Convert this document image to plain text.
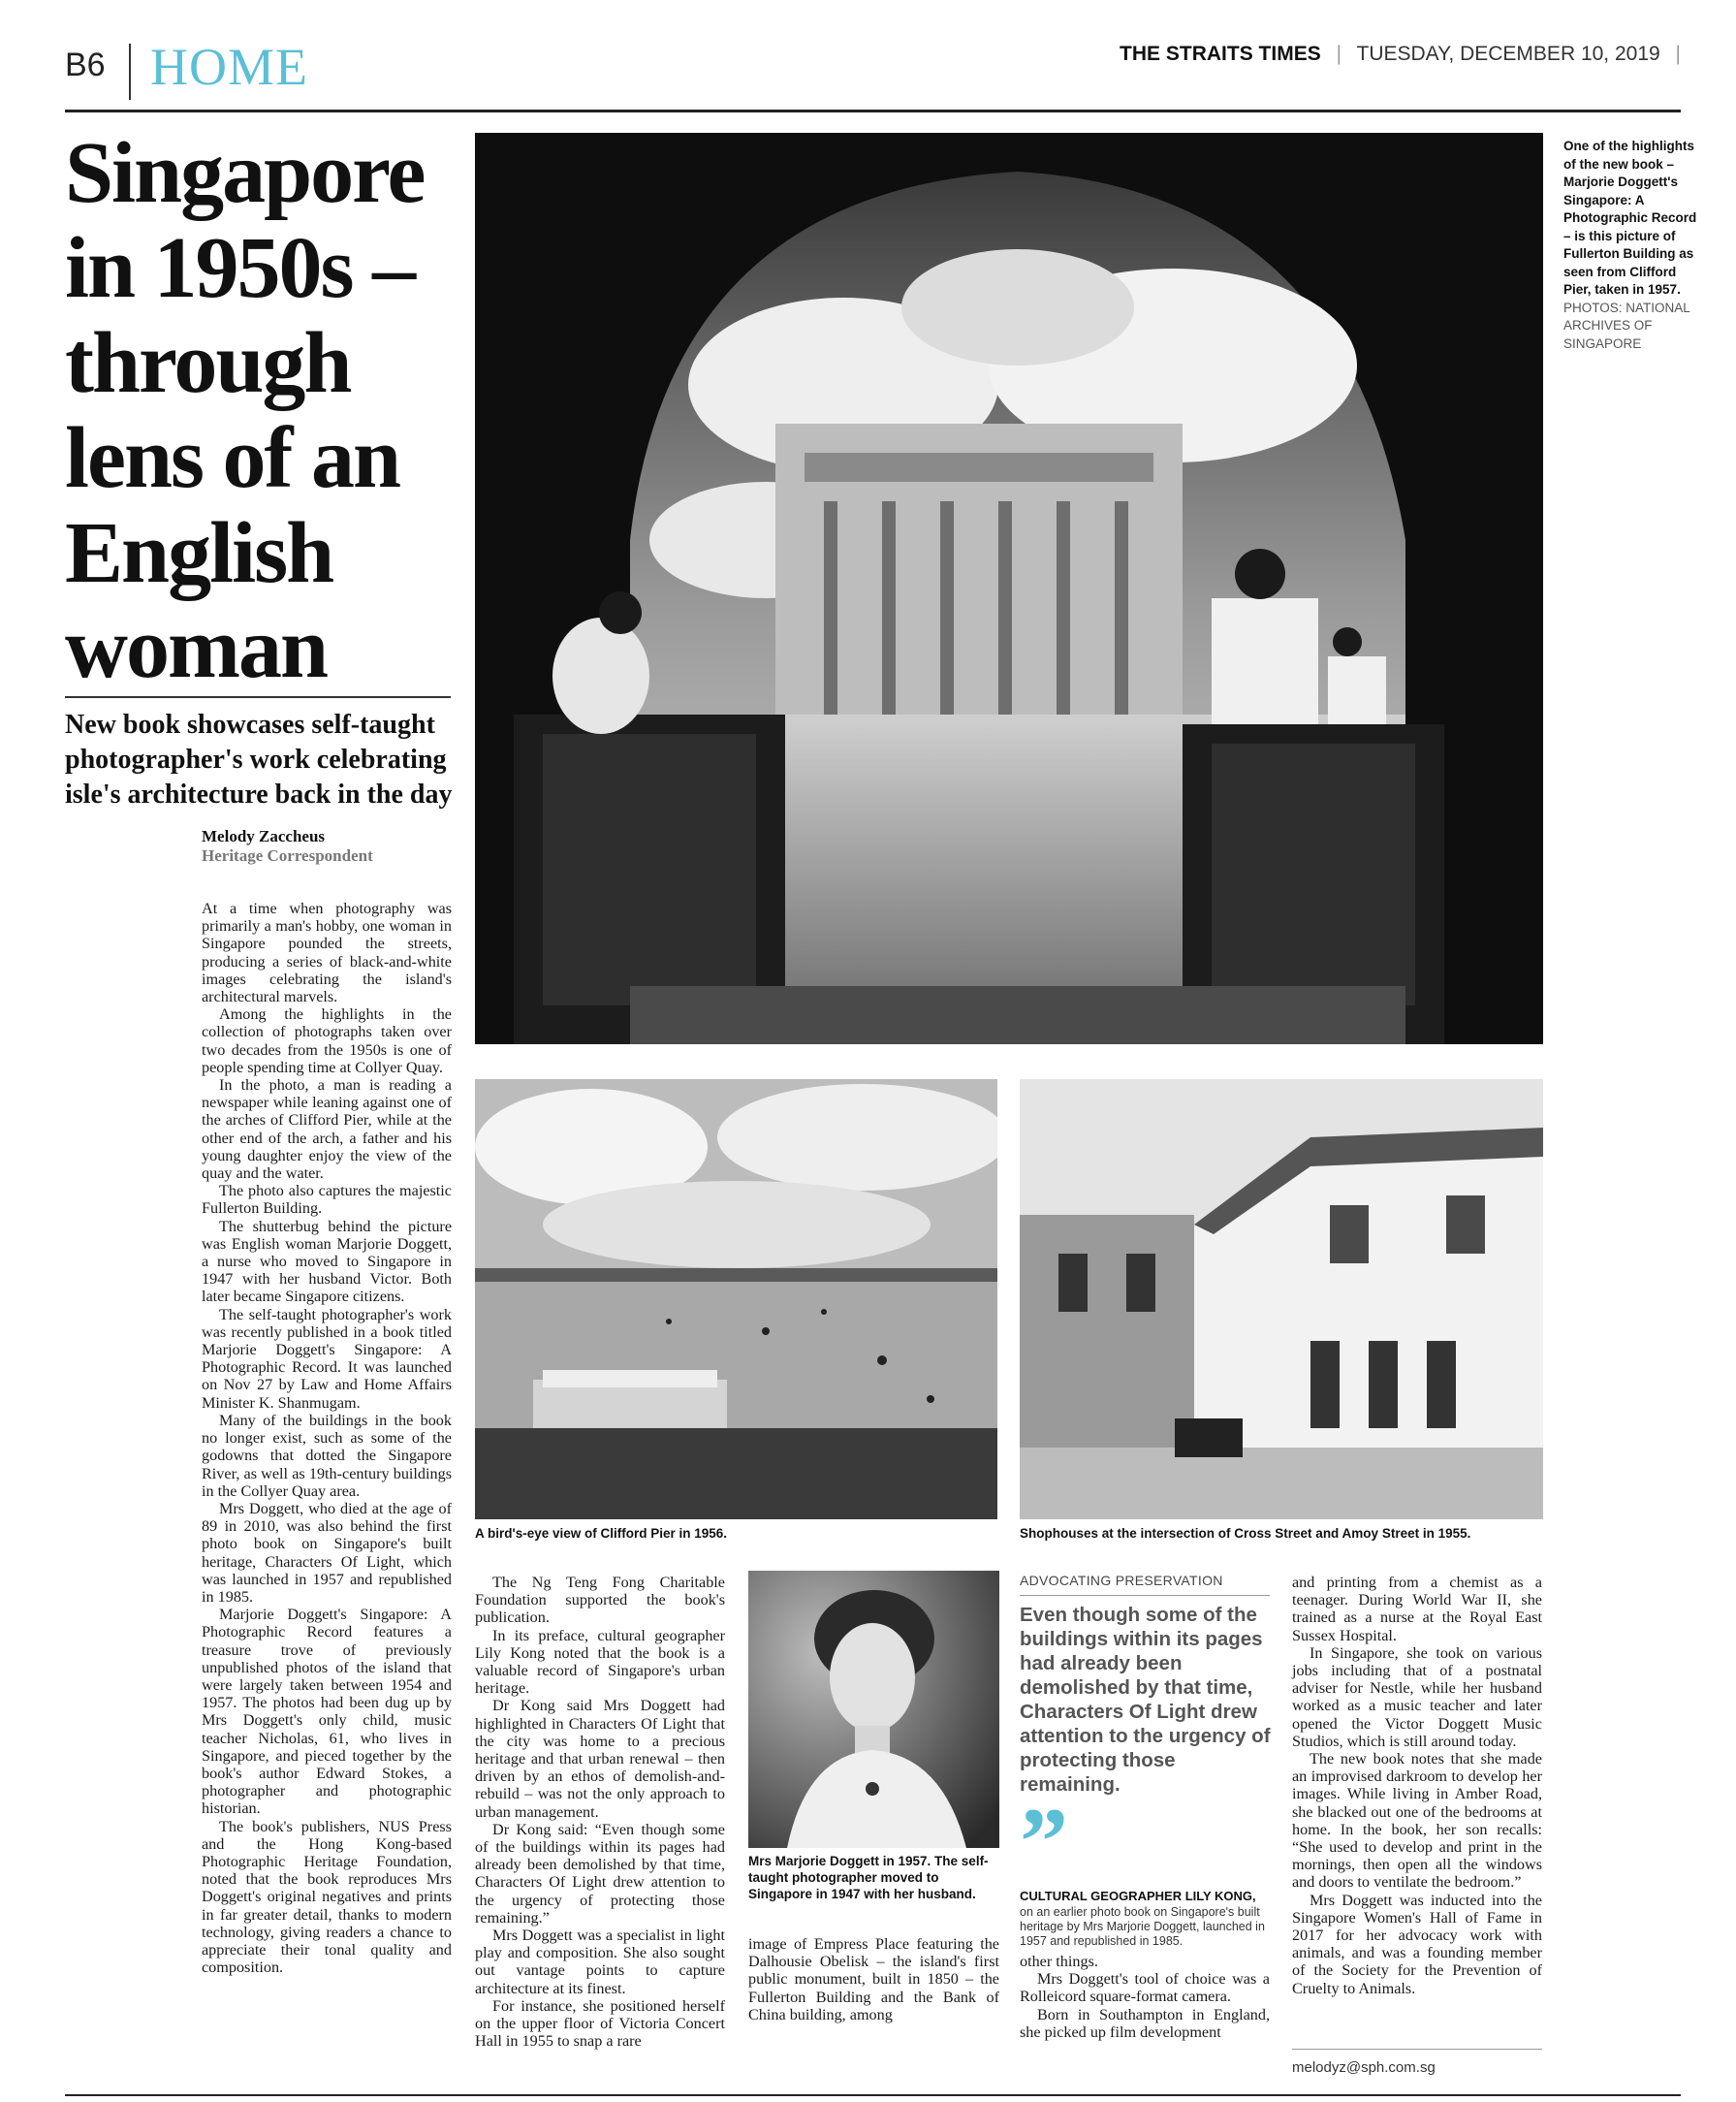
B6 HOME	THE STRAITS TIMES | TUESDAY, DECEMBER 10, 2019 |
Singapore in 1950s – through lens of an English woman
New book showcases self-taught photographer's work celebrating isle's architecture back in the day
Melody Zaccheus
Heritage Correspondent

At a time when photography was primarily a man's hobby, one woman in Singapore pounded the streets, producing a series of black-and-white images celebrating the island's architectural marvels.

Among the highlights in the collection of photographs taken over two decades from the 1950s is one of people spending time at Collyer Quay.

In the photo, a man is reading a newspaper while leaning against one of the arches of Clifford Pier, while at the other end of the arch, a father and his young daughter enjoy the view of the quay and the water.

The photo also captures the majestic Fullerton Building.

The shutterbug behind the picture was English woman Marjorie Doggett, a nurse who moved to Singapore in 1947 with her husband Victor. Both later became Singapore citizens.

The self-taught photographer's work was recently published in a book titled Marjorie Doggett's Singapore: A Photographic Record. It was launched on Nov 27 by Law and Home Affairs Minister K. Shanmugam.

Many of the buildings in the book no longer exist, such as some of the godowns that dotted the Singapore River, as well as 19th-century buildings in the Collyer Quay area.

Mrs Doggett, who died at the age of 89 in 2010, was also behind the first photo book on Singapore's built heritage, Characters Of Light, which was launched in 1957 and republished in 1985.

Marjorie Doggett's Singapore: A Photographic Record features a treasure trove of previously unpublished photos of the island that were largely taken between 1954 and 1957. The photos had been dug up by Mrs Doggett's only child, music teacher Nicholas, 61, who lives in Singapore, and pieced together by the book's author Edward Stokes, a photographer and photographic historian.

The book's publishers, NUS Press and the Hong Kong-based Photographic Heritage Foundation, noted that the book reproduces Mrs Doggett's original negatives and prints in far greater detail, thanks to modern technology, giving readers a chance to appreciate their tonal quality and composition.

One of the highlights of the new book – Marjorie Doggett's Singapore: A Photographic Record – is this picture of Fullerton Building as seen from Clifford Pier, taken in 1957.
PHOTOS: NATIONAL ARCHIVES OF SINGAPORE
A bird's-eye view of Clifford Pier in 1956.	Shophouses at the intersection of Cross Street and Amoy Street in 1955.

The Ng Teng Fong Charitable Foundation supported the book's publication.

In its preface, cultural geographer Lily Kong noted that the book is a valuable record of Singapore's urban heritage.

Dr Kong said Mrs Doggett had highlighted in Characters Of Light that the city was home to a precious heritage and that urban renewal – then driven by an ethos of demolish-and-rebuild – was not the only approach to urban management.

Dr Kong said: “Even though some of the buildings within its pages had already been demolished by that time, Characters Of Light drew attention to the urgency of protecting those remaining.”

Mrs Doggett was a specialist in light play and composition. She also sought out vantage points to capture architecture at its finest.

For instance, she positioned herself on the upper floor of Victoria Concert Hall in 1955 to snap a rare

Mrs Marjorie Doggett in 1957. The self-taught photographer moved to Singapore in 1947 with her husband.

image of Empress Place featuring the Dalhousie Obelisk – the island's first public monument, built in 1850 – the Fullerton Building and the Bank of China building, among

ADVOCATING PRESERVATION
Even though some of the buildings within its pages had already been demolished by that time, Characters Of Light drew attention to the urgency of protecting those remaining.
”
CULTURAL GEOGRAPHER LILY KONG,
on an earlier photo book on Singapore's built heritage by Mrs Marjorie Doggett, launched in 1957 and republished in 1985.

other things.

Mrs Doggett's tool of choice was a Rolleicord square-format camera.

Born in Southampton in England, she picked up film development

and printing from a chemist as a teenager. During World War II, she trained as a nurse at the Royal East Sussex Hospital.

In Singapore, she took on various jobs including that of a postnatal adviser for Nestle, while her husband worked as a music teacher and later opened the Victor Doggett Music Studios, which is still around today.

The new book notes that she made an improvised darkroom to develop her images. While living in Amber Road, she blacked out one of the bedrooms at home. In the book, her son recalls: “She used to develop and print in the mornings, then open all the windows and doors to ventilate the bedroom.”

Mrs Doggett was inducted into the Singapore Women's Hall of Fame in 2017 for her advocacy work with animals, and was a founding member of the Society for the Prevention of Cruelty to Animals.

melodyz@sph.com.sg
